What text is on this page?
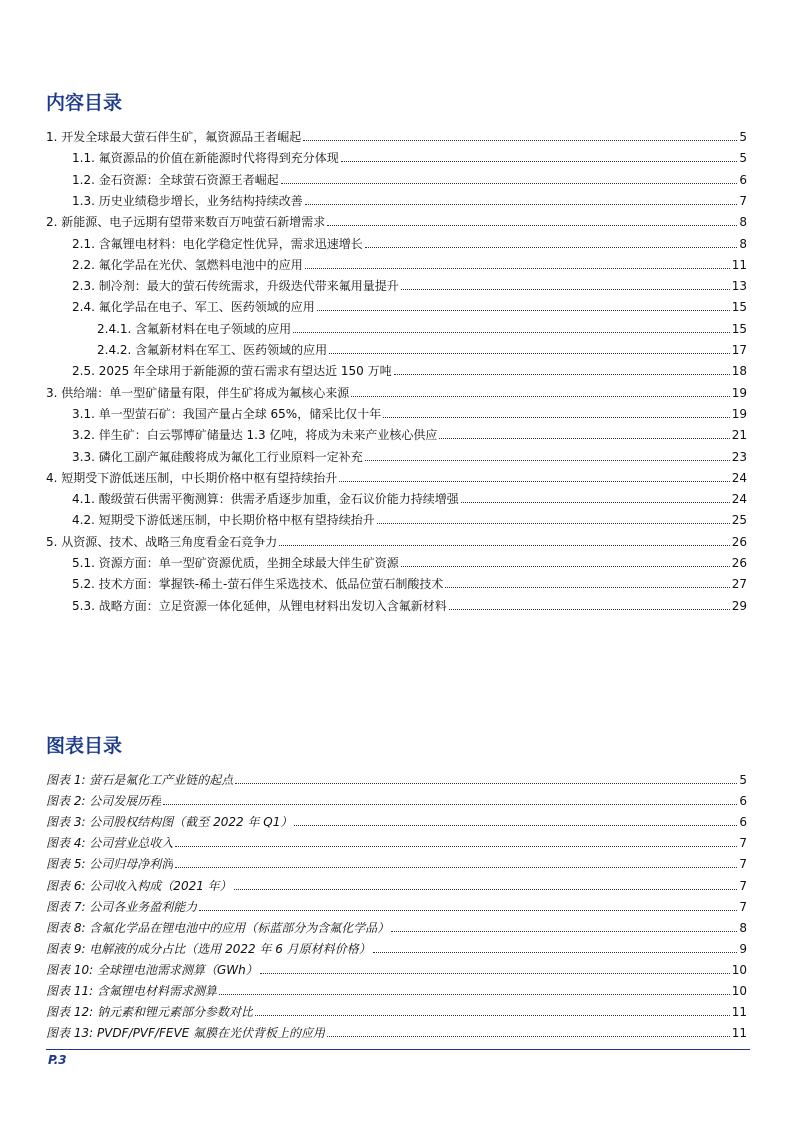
内容目录
1. 开发全球最大萤石伴生矿，氟资源品王者崛起	5
1.1. 氟资源品的价值在新能源时代将得到充分体现	5
1.2. 金石资源：全球萤石资源王者崛起	6
1.3. 历史业绩稳步增长，业务结构持续改善	7
2. 新能源、电子远期有望带来数百万吨萤石新增需求	8
2.1. 含氟锂电材料：电化学稳定性优异，需求迅速增长	8
2.2. 氟化学品在光伏、氢燃料电池中的应用	11
2.3. 制冷剂：最大的萤石传统需求，升级迭代带来氟用量提升	13
2.4. 氟化学品在电子、军工、医药领域的应用	15
2.4.1. 含氟新材料在电子领域的应用	15
2.4.2. 含氟新材料在军工、医药领域的应用	17
2.5. 2025 年全球用于新能源的萤石需求有望达近 150 万吨	18
3. 供给端：单一型矿储量有限，伴生矿将成为氟核心来源	19
3.1. 单一型萤石矿：我国产量占全球 65%，储采比仅十年	19
3.2. 伴生矿：白云鄂博矿储量达 1.3 亿吨，将成为未来产业核心供应	21
3.3. 磷化工副产氟硅酸将成为氟化工行业原料一定补充	23
4. 短期受下游低迷压制，中长期价格中枢有望持续抬升	24
4.1. 酸级萤石供需平衡测算：供需矛盾逐步加重，金石议价能力持续增强	24
4.2. 短期受下游低迷压制，中长期价格中枢有望持续抬升	25
5. 从资源、技术、战略三角度看金石竞争力	26
5.1. 资源方面：单一型矿资源优质，坐拥全球最大伴生矿资源	26
5.2. 技术方面：掌握铁-稀土-萤石伴生采选技术、低品位萤石制酸技术	27
5.3. 战略方面：立足资源一体化延伸，从锂电材料出发切入含氟新材料	29
图表目录
图表 1: 萤石是氟化工产业链的起点	5
图表 2: 公司发展历程	6
图表 3: 公司股权结构图（截至 2022 年 Q1）	6
图表 4: 公司营业总收入	7
图表 5: 公司归母净利润	7
图表 6: 公司收入构成（2021 年）	7
图表 7: 公司各业务盈利能力	7
图表 8: 含氟化学品在锂电池中的应用（标蓝部分为含氟化学品）	8
图表 9: 电解液的成分占比（选用 2022 年 6 月原材料价格）	9
图表 10: 全球锂电池需求测算（GWh）	10
图表 11: 含氟锂电材料需求测算	10
图表 12: 钠元素和锂元素部分参数对比	11
图表 13: PVDF/PVF/FEVE 氟膜在光伏背板上的应用	11
P.3
